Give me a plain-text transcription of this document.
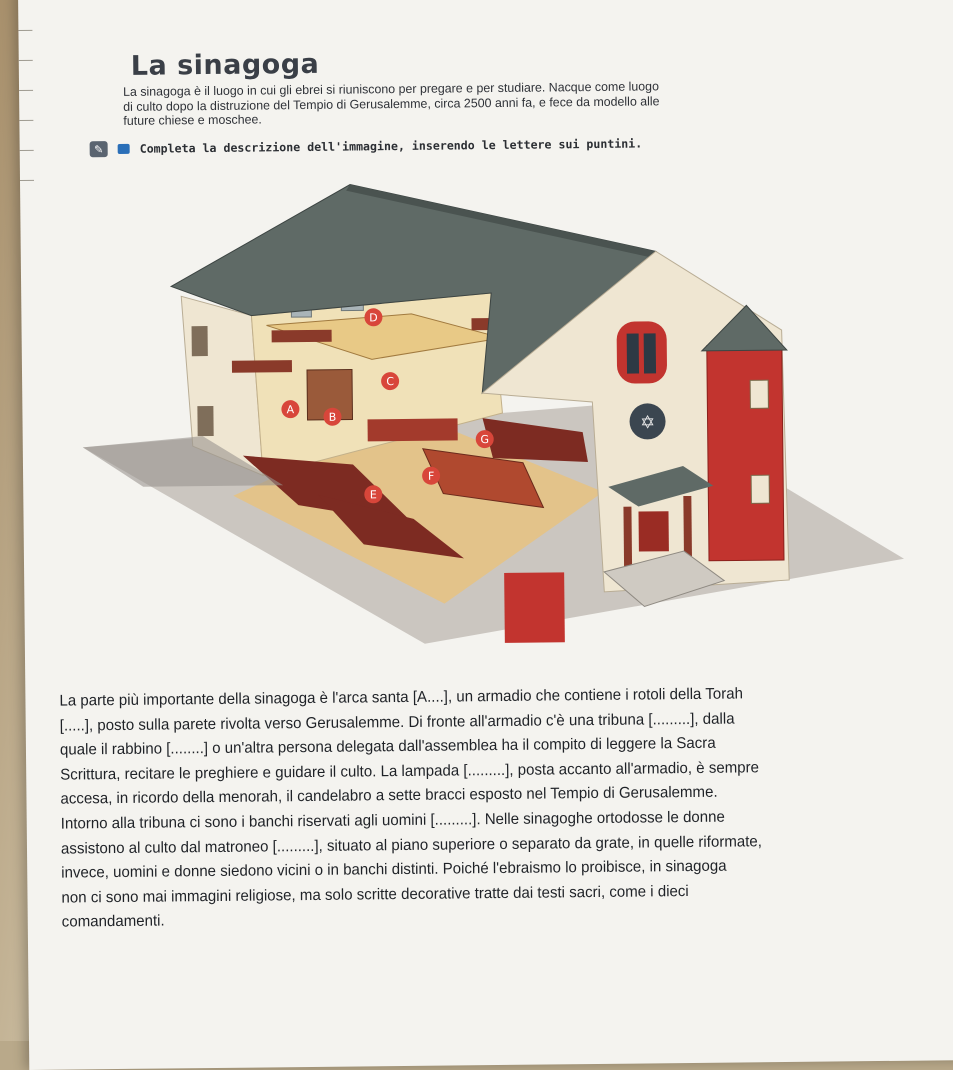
La sinagoga
La sinagoga è il luogo in cui gli ebrei si riuniscono per pregare e per studiare. Nacque come luogo
di culto dopo la distruzione del Tempio di Gerusalemme, circa 2500 anni fa, e fece da modello alle
future chiese e moschee.
✎	Completa la descrizione dell'immagine, inserendo le lettere sui puntini.
✡
A
B
C
D
E
F
G

La parte più importante della sinagoga è l'arca santa [A....], un armadio che contiene i rotoli della Torah

[.....], posto sulla parete rivolta verso Gerusalemme. Di fronte all'armadio c'è una tribuna [.........], dalla

quale il rabbino [........] o un'altra persona delegata dall'assemblea ha il compito di leggere la Sacra

Scrittura, recitare le preghiere e guidare il culto. La lampada [.........], posta accanto all'armadio, è sempre

accesa, in ricordo della menorah, il candelabro a sette bracci esposto nel Tempio di Gerusalemme.

Intorno alla tribuna ci sono i banchi riservati agli uomini [.........]. Nelle sinagoghe ortodosse le donne

assistono al culto dal matroneo [.........], situato al piano superiore o separato da grate, in quelle riformate,

invece, uomini e donne siedono vicini o in banchi distinti. Poiché l'ebraismo lo proibisce, in sinagoga

non ci sono mai immagini religiose, ma solo scritte decorative tratte dai testi sacri, come i dieci

comandamenti.
